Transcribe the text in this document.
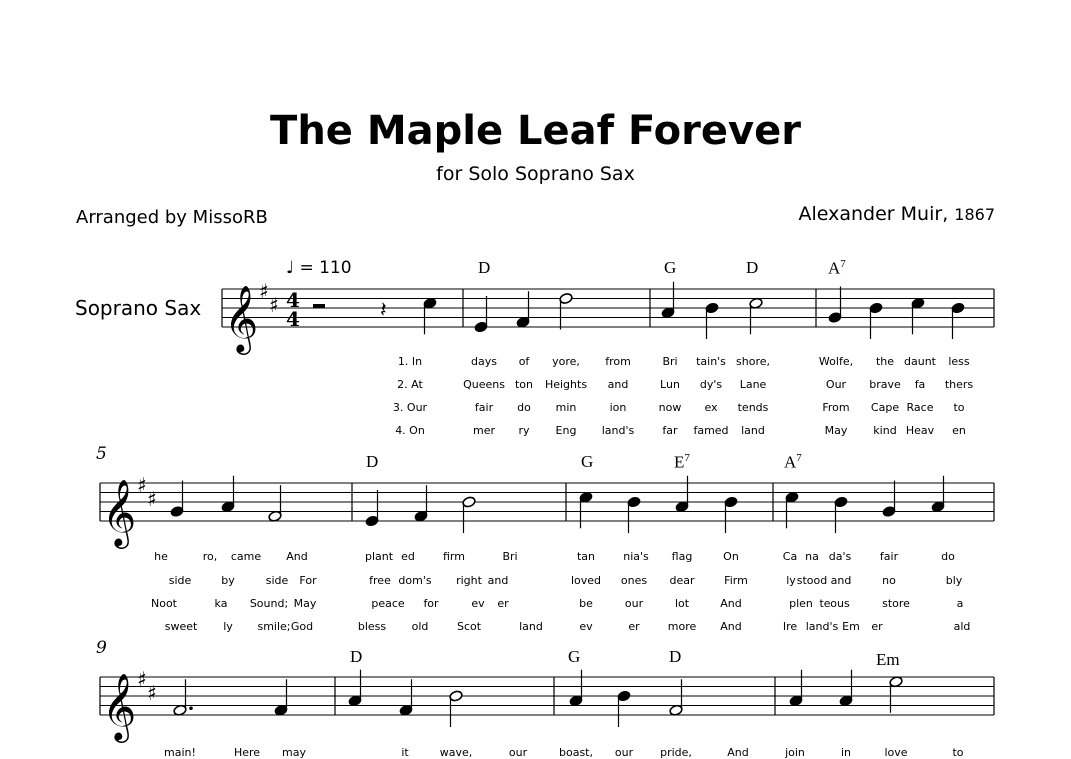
The Maple Leaf Forever
for Solo Soprano Sax
Arranged by MissoRB	Alexander Muir, 1867
Soprano Sax
♩ = 110
5
9
D	G	D	$A^7$
D	G	$E^7$	$A^7$
D	G	D	Em
1. In	days of yore, from	Bri tain's shore,	Wolfe, the daunt less
2. At	Queens ton Heights and	Lun dy's Lane	Our brave fa thers
3. Our	fair do min	ion	now ex tends	From Cape Race to
4. On	mer ry Eng land's	far famed land	May kind Heav en
he	ro, came And	plant ed	firm	Bri	tan	nia's flag	On	Ca na da's	fair	do
side	by	side For	free dom's right and	loved ones dear	Firm	ly stood and	no	bly
Noot	ka Sound; May	peace for	ev er	be	our	lot	And	plen te ous	store	a
sweet ly smile; God	bless old	Scot	land	ev	er	more And	Ire land's Em er	ald
main!	Here may	it	wave,	our	boast, our pride,	And	join	in	love	to
𝄞 ♯
♯ 4
4	𝄽
𝄞 ♯
♯
𝄞 ♯
♯
